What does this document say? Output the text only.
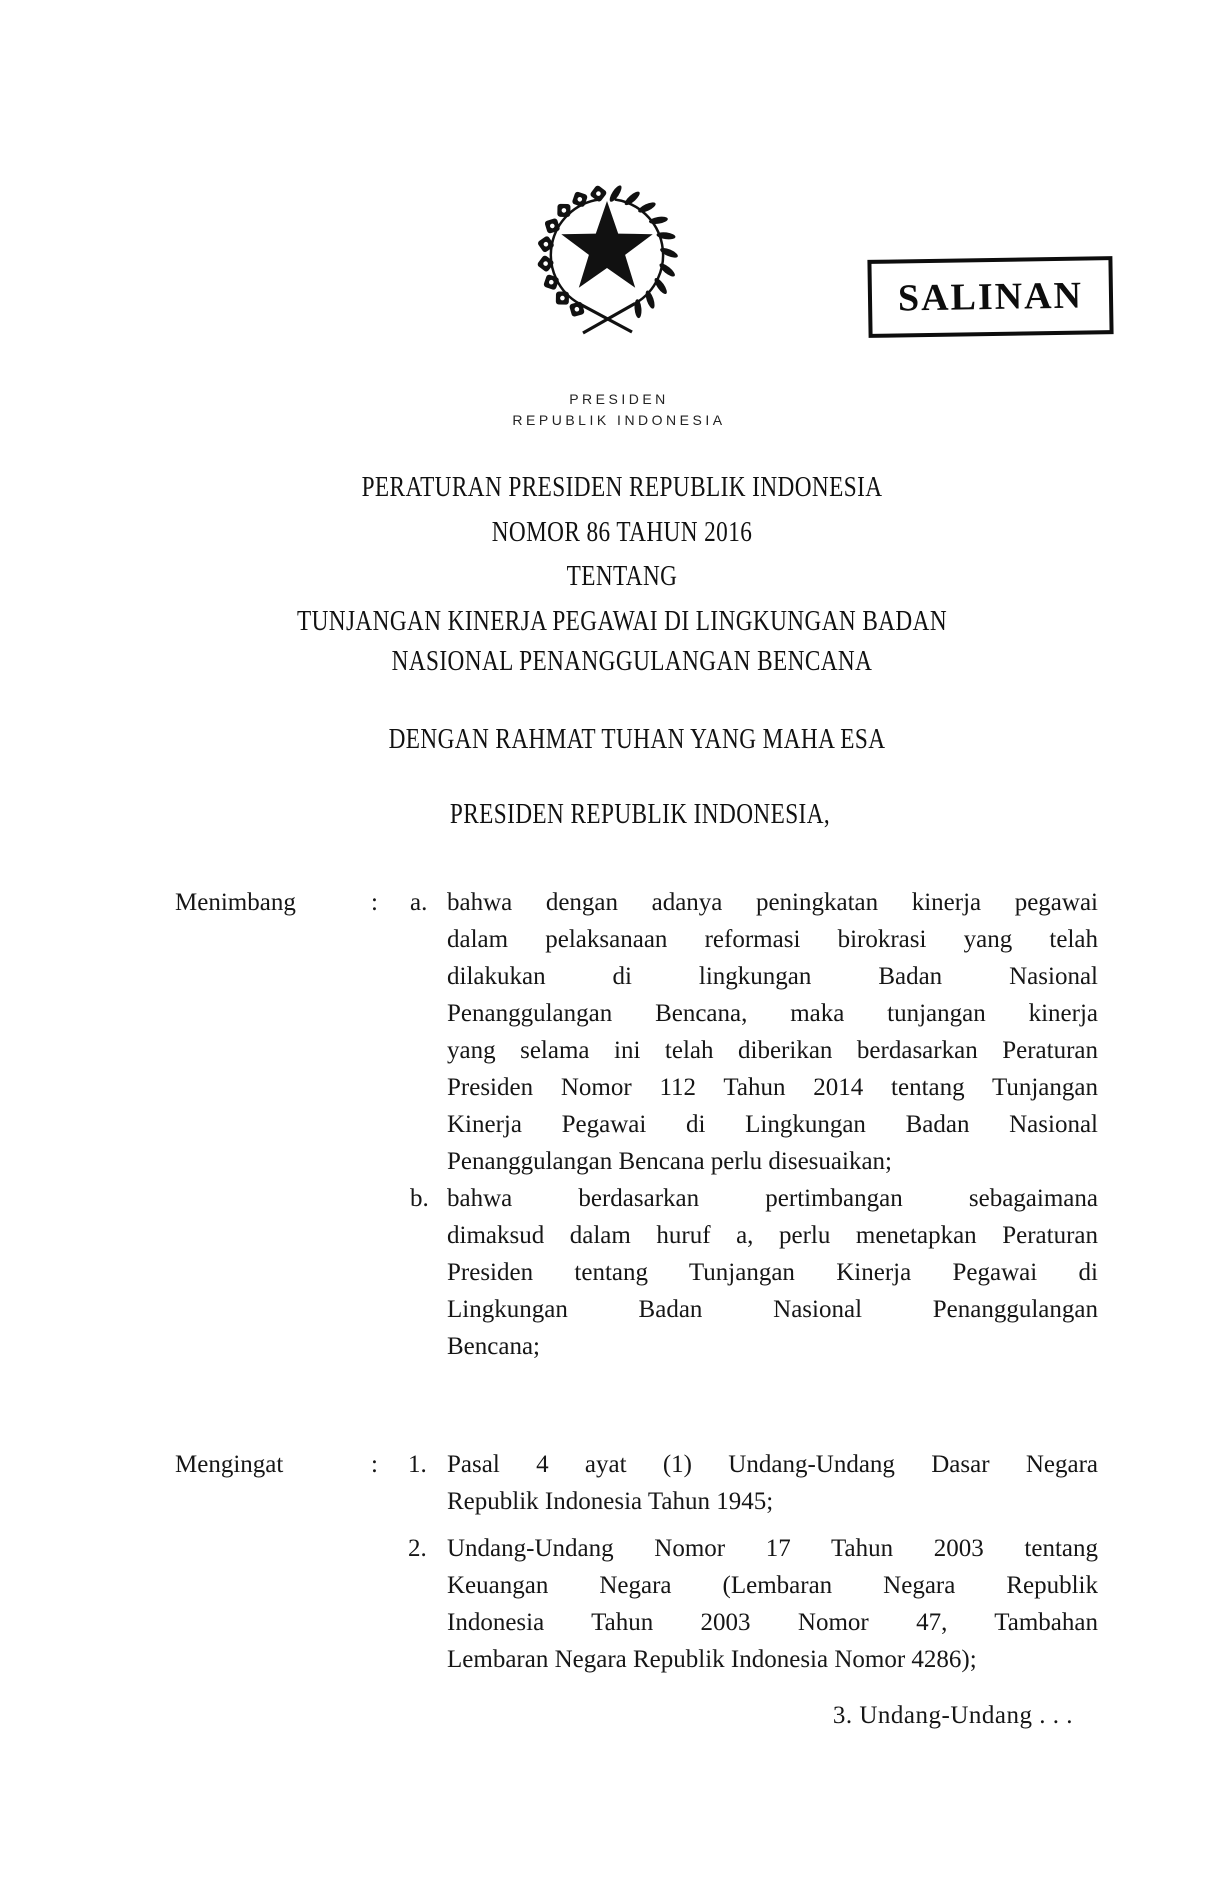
SALINAN
PRESIDEN
REPUBLIK INDONESIA
PERATURAN PRESIDEN REPUBLIK INDONESIA
NOMOR 86 TAHUN 2016
TENTANG
TUNJANGAN KINERJA PEGAWAI DI LINGKUNGAN BADAN
NASIONAL PENANGGULANGAN BENCANA
DENGAN RAHMAT TUHAN YANG MAHA ESA
PRESIDEN REPUBLIK INDONESIA,
Menimbang	: a. bahwa dengan adanya peningkatan kinerja pegawai
dalam pelaksanaan reformasi birokrasi yang telah
dilakukan di lingkungan Badan Nasional
Penanggulangan Bencana, maka tunjangan kinerja
yang selama ini telah diberikan berdasarkan Peraturan
Presiden Nomor 112 Tahun 2014 tentang Tunjangan
Kinerja Pegawai di Lingkungan Badan Nasional
Penanggulangan Bencana perlu disesuaikan;
b. bahwa berdasarkan pertimbangan sebagaimana
dimaksud dalam huruf a, perlu menetapkan Peraturan
Presiden tentang Tunjangan Kinerja Pegawai di
Lingkungan Badan Nasional Penanggulangan
Bencana;
Mengingat	: 1. Pasal 4 ayat (1) Undang-Undang Dasar Negara
Republik Indonesia Tahun 1945;
2. Undang-Undang Nomor 17 Tahun 2003 tentang
Keuangan Negara (Lembaran Negara Republik
Indonesia Tahun 2003 Nomor 47, Tambahan
Lembaran Negara Republik Indonesia Nomor 4286);
3. Undang-Undang . . .
